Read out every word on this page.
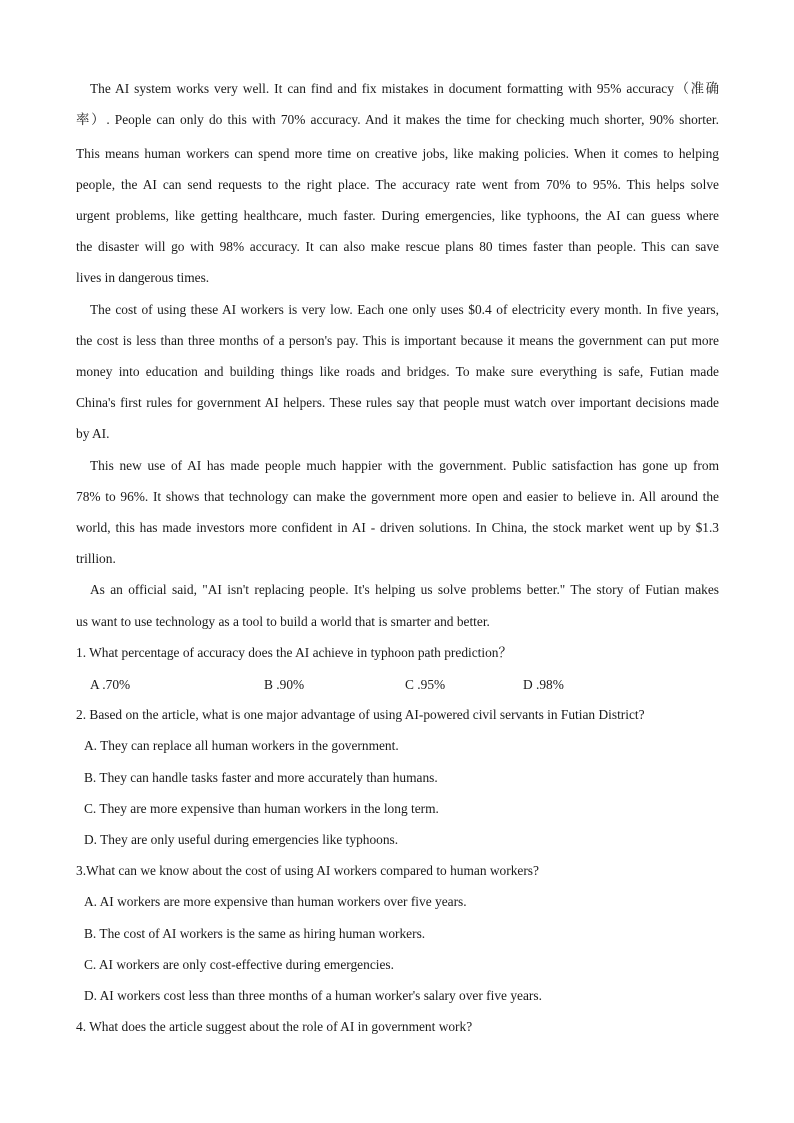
The AI system works very well. It can find and fix mistakes in document formatting with 95% accuracy（准确

率）. People can only do this with 70% accuracy. And it makes the time for checking much shorter, 90% shorter.

This means human workers can spend more time on creative jobs, like making policies. When it comes to helping

people, the AI can send requests to the right place. The accuracy rate went from 70% to 95%. This helps solve

urgent problems, like getting healthcare, much faster. During emergencies, like typhoons, the AI can guess where

the disaster will go with 98% accuracy. It can also make rescue plans 80 times faster than people. This can save

lives in dangerous times.

The cost of using these AI workers is very low. Each one only uses $0.4 of electricity every month. In five years,

the cost is less than three months of a person's pay. This is important because it means the government can put more

money into education and building things like roads and bridges. To make sure everything is safe, Futian made

China's first rules for government AI helpers. These rules say that people must watch over important decisions made

by AI.

This new use of AI has made people much happier with the government. Public satisfaction has gone up from

78% to 96%. It shows that technology can make the government more open and easier to believe in. All around the

world, this has made investors more confident in AI - driven solutions. In China, the stock market went up by $1.3

trillion.

As an official said, "AI isn't replacing people. It's helping us solve problems better." The story of Futian makes

us want to use technology as a tool to build a world that is smarter and better.

1. What percentage of accuracy does the AI achieve in typhoon path prediction？

A .70%	B .90%	C .95%	D .98%

2. Based on the article, what is one major advantage of using AI-powered civil servants in Futian District?

A. They can replace all human workers in the government.

B. They can handle tasks faster and more accurately than humans.

C. They are more expensive than human workers in the long term.

D. They are only useful during emergencies like typhoons.

3.What can we know about the cost of using AI workers compared to human workers?

A. AI workers are more expensive than human workers over five years.

B. The cost of AI workers is the same as hiring human workers.

C. AI workers are only cost-effective during emergencies.

D. AI workers cost less than three months of a human worker's salary over five years.

4. What does the article suggest about the role of AI in government work?
